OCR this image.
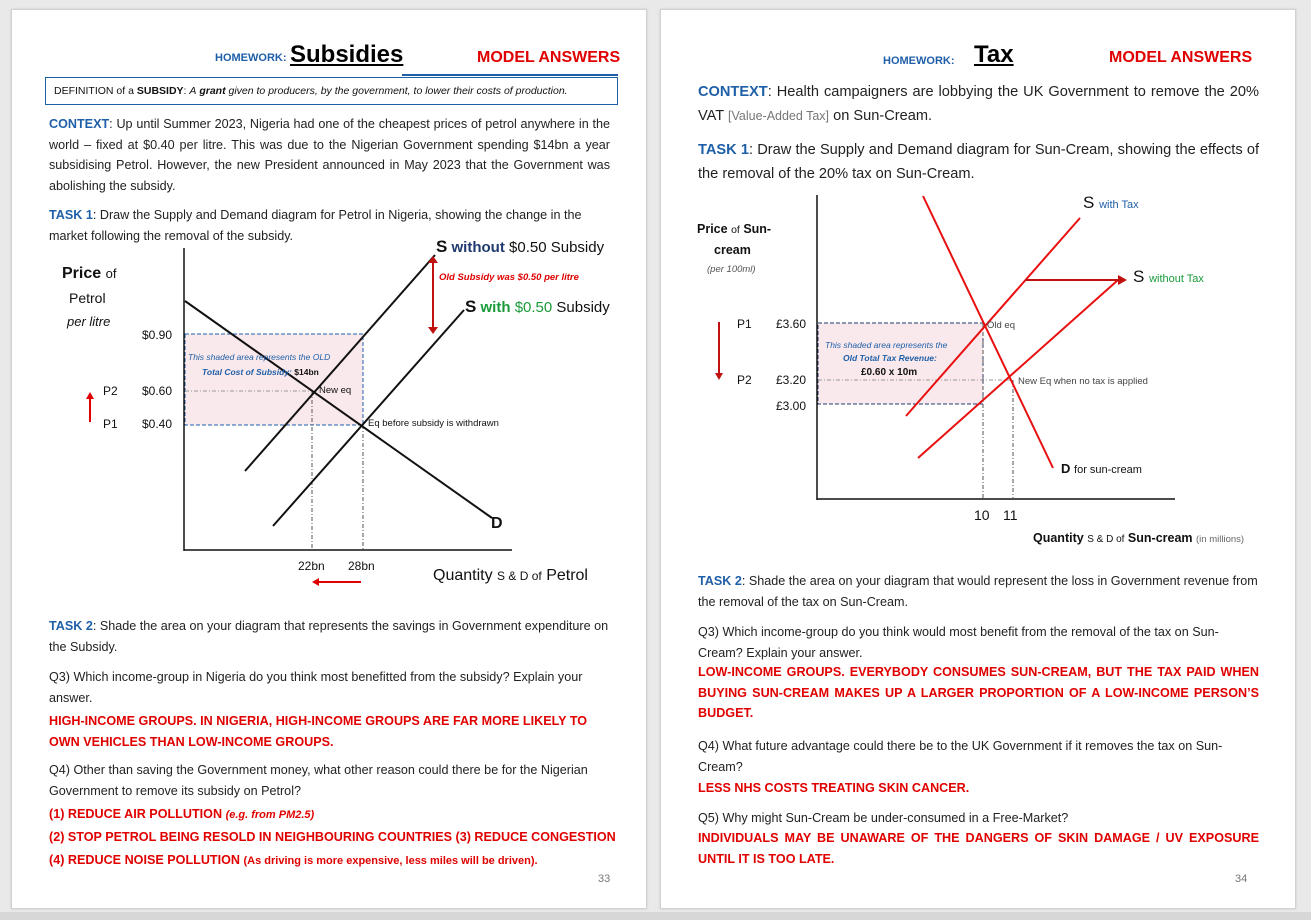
HOMEWORK: Subsidies	MODEL ANSWERS
DEFINITION of a SUBSIDY: A grant given to producers, by the government, to lower their costs of production.
CONTEXT: Up until Summer 2023, Nigeria had one of the cheapest prices of petrol anywhere in the world – fixed at $0.40 per litre. This was due to the Nigerian Government spending $14bn a year subsidising Petrol. However, the new President announced in May 2023 that the Government was abolishing the subsidy.
TASK 1: Draw the Supply and Demand diagram for Petrol in Nigeria, showing the change in the market following the removal of the subsidy.
Price of
Petrol
per litre
$0.90
$0.60
$0.40
P2
P1
22bn 28bn
Quantity S & D of Petrol
S without $0.50 Subsidy
S with $0.50 Subsidy
D
Old Subsidy was $0.50 per litre
This shaded area represents the OLD
Total Cost of Subsidy: $14bn
New eq
Eq before subsidy is withdrawn
TASK 2: Shade the area on your diagram that represents the savings in Government expenditure on the Subsidy.
Q3) Which income-group in Nigeria do you think most benefitted from the subsidy? Explain your answer.
HIGH-INCOME GROUPS. IN NIGERIA, HIGH-INCOME GROUPS ARE FAR MORE LIKELY TO OWN VEHICLES THAN LOW-INCOME GROUPS.
Q4) Other than saving the Government money, what other reason could there be for the Nigerian Government to remove its subsidy on Petrol?
(1) REDUCE AIR POLLUTION (e.g. from PM2.5)
(2) STOP PETROL BEING RESOLD IN NEIGHBOURING COUNTRIES (3) REDUCE CONGESTION
(4) REDUCE NOISE POLLUTION (As driving is more expensive, less miles will be driven).
33
HOMEWORK: Tax	MODEL ANSWERS
CONTEXT: Health campaigners are lobbying the UK Government to remove the 20% VAT [Value-Added Tax] on Sun-Cream.
TASK 1: Draw the Supply and Demand diagram for Sun-Cream, showing the effects of the removal of the 20% tax on Sun-Cream.
Price of Sun-
cream
(per 100ml)
P1
P2
£3.60
£3.20
£3.00
10 11
Quantity S & D of Sun-cream (in millions)
S with Tax
S without Tax
D for sun-cream
Old eq
New Eq when no tax is applied
This shaded area represents the
Old Total Tax Revenue:
£0.60 x 10m
TASK 2: Shade the area on your diagram that would represent the loss in Government revenue from the removal of the tax on Sun-Cream.
Q3) Which income-group do you think would most benefit from the removal of the tax on Sun-Cream? Explain your answer.
LOW-INCOME GROUPS. EVERYBODY CONSUMES SUN-CREAM, BUT THE TAX PAID WHEN BUYING SUN-CREAM MAKES UP A LARGER PROPORTION OF A LOW-INCOME PERSON’S BUDGET.
Q4) What future advantage could there be to the UK Government if it removes the tax on Sun-Cream?
LESS NHS COSTS TREATING SKIN CANCER.
Q5) Why might Sun-Cream be under-consumed in a Free-Market?
INDIVIDUALS MAY BE UNAWARE OF THE DANGERS OF SKIN DAMAGE / UV EXPOSURE UNTIL IT IS TOO LATE.
34
